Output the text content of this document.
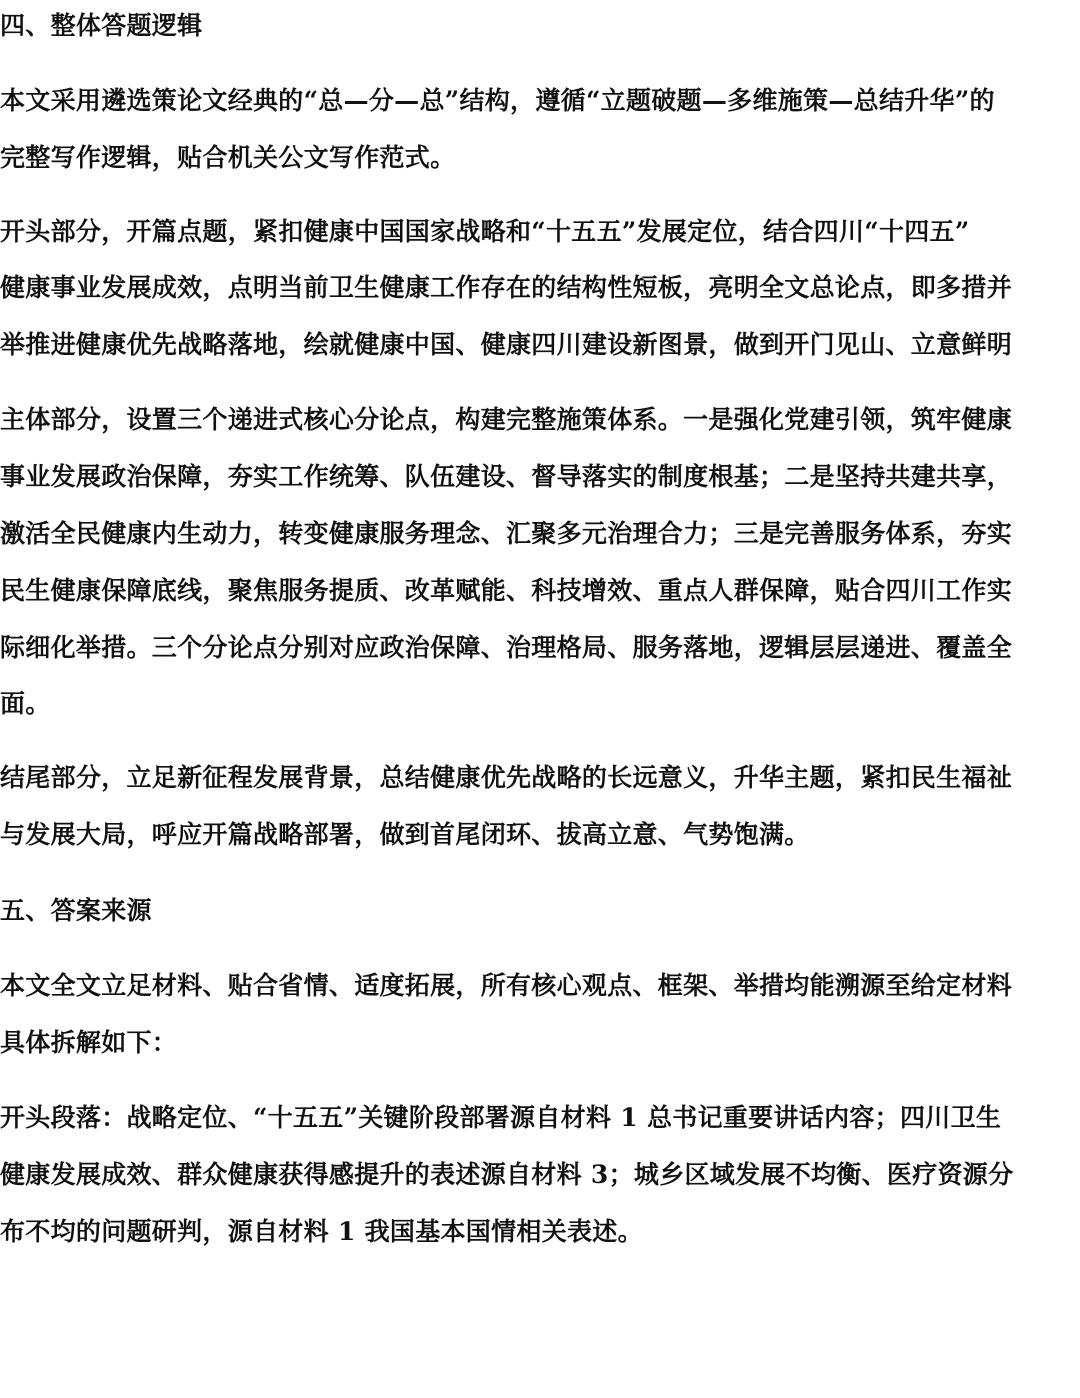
四、整体答题逻辑

本文采用遴选策论文经典的“总—分—总”结构，遵循“立题破题—多维施策—总结升华”的

完整写作逻辑，贴合机关公文写作范式。

开头部分，开篇点题，紧扣健康中国国家战略和“十五五”发展定位，结合四川“十四五”

健康事业发展成效，点明当前卫生健康工作存在的结构性短板，亮明全文总论点，即多措并

举推进健康优先战略落地，绘就健康中国、健康四川建设新图景，做到开门见山、立意鲜明

主体部分，设置三个递进式核心分论点，构建完整施策体系。一是强化党建引领，筑牢健康

事业发展政治保障，夯实工作统筹、队伍建设、督导落实的制度根基；二是坚持共建共享，

激活全民健康内生动力，转变健康服务理念、汇聚多元治理合力；三是完善服务体系，夯实

民生健康保障底线，聚焦服务提质、改革赋能、科技增效、重点人群保障，贴合四川工作实

际细化举措。三个分论点分别对应政治保障、治理格局、服务落地，逻辑层层递进、覆盖全

面。

结尾部分，立足新征程发展背景，总结健康优先战略的长远意义，升华主题，紧扣民生福祉

与发展大局，呼应开篇战略部署，做到首尾闭环、拔高立意、气势饱满。

五、答案来源

本文全文立足材料、贴合省情、适度拓展，所有核心观点、框架、举措均能溯源至给定材料

具体拆解如下：

开头段落：战略定位、“十五五”关键阶段部署源自材料 1 总书记重要讲话内容；四川卫生

健康发展成效、群众健康获得感提升的表述源自材料 3；城乡区域发展不均衡、医疗资源分

布不均的问题研判，源自材料 1 我国基本国情相关表述。
